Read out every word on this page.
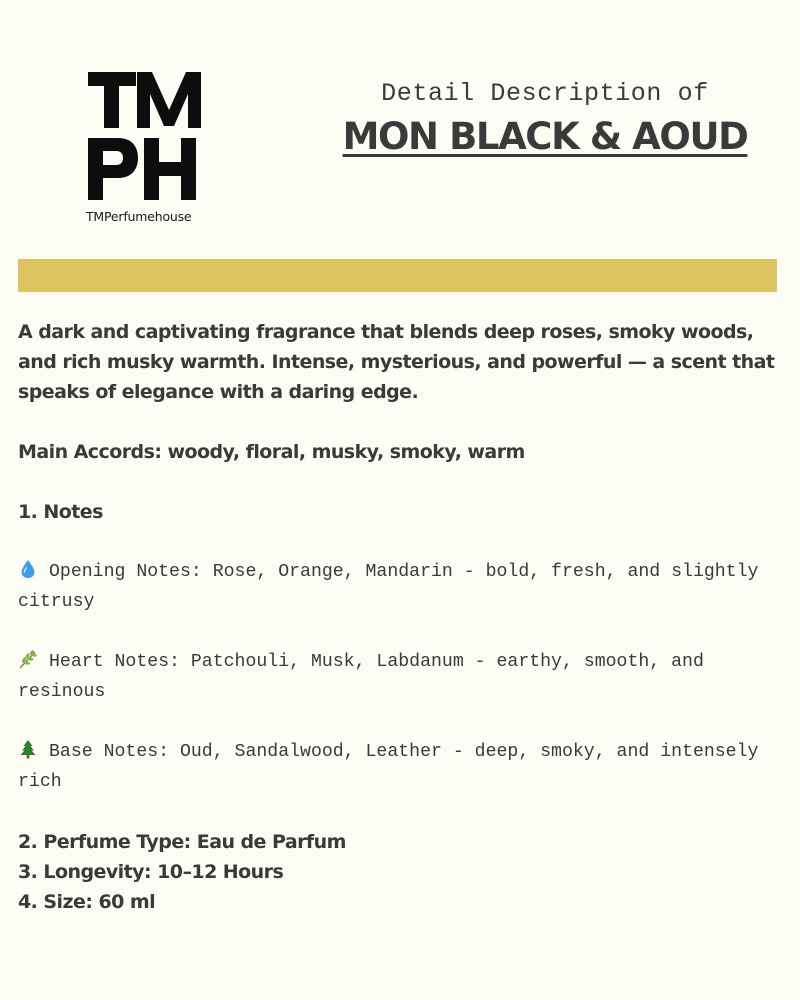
TMPerfumehouse
Detail Description of
MON BLACK & AOUD

A dark and captivating fragrance that blends deep roses, smoky woods, and rich musky warmth. Intense, mysterious, and powerful — a scent that speaks of elegance with a daring edge.

Main Accords: woody, floral, musky, smoky, warm

1. Notes

Opening Notes: Rose, Orange, Mandarin - bold, fresh, and slightly citrusy

Heart Notes: Patchouli, Musk, Labdanum - earthy, smooth, and resinous

Base Notes: Oud, Sandalwood, Leather - deep, smoky, and intensely rich

2. Perfume Type: Eau de Parfum

3. Longevity: 10–12 Hours

4. Size: 60 ml
